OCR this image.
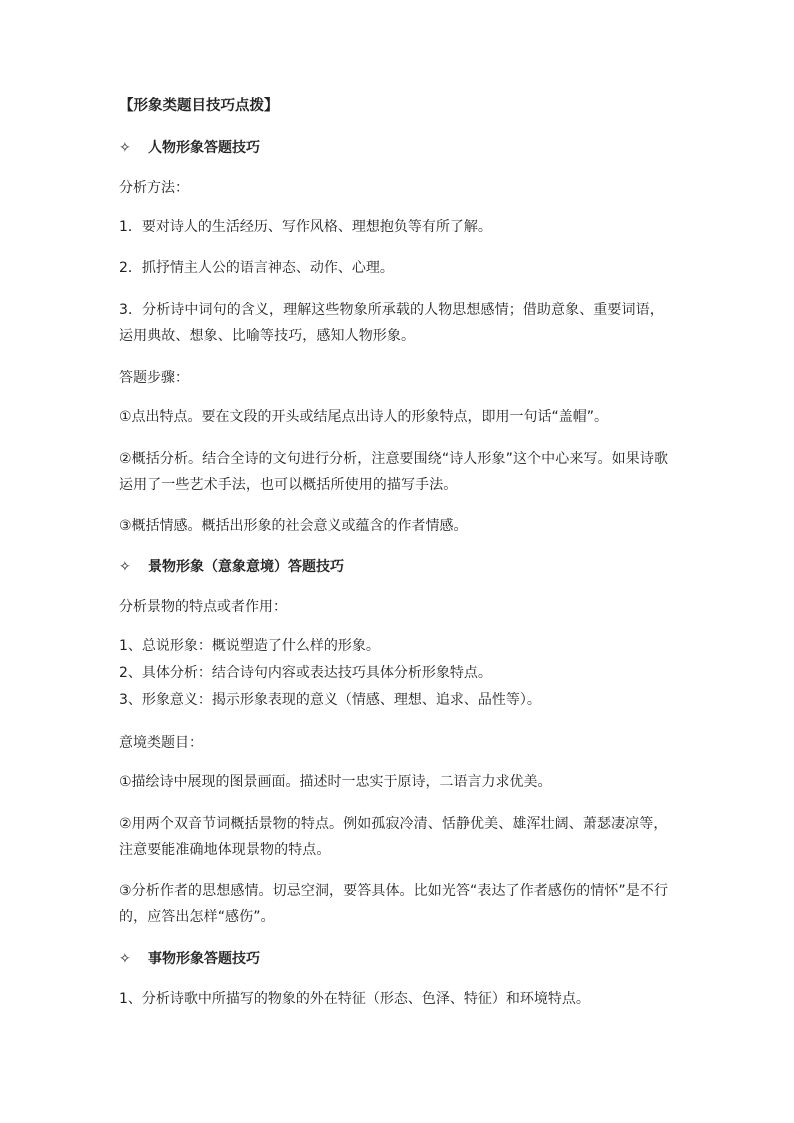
【形象类题目技巧点拨】
✧ 人物形象答题技巧
分析方法：
1．要对诗人的生活经历、写作风格、理想抱负等有所了解。
2．抓抒情主人公的语言神态、动作、心理。
3．分析诗中词句的含义，理解这些物象所承载的人物思想感情；借助意象、重要词语，运用典故、想象、比喻等技巧，感知人物形象。
答题步骤：
①点出特点。要在文段的开头或结尾点出诗人的形象特点，即用一句话“盖帽”。
②概括分析。结合全诗的文句进行分析，注意要围绕“诗人形象”这个中心来写。如果诗歌运用了一些艺术手法，也可以概括所使用的描写手法。
③概括情感。概括出形象的社会意义或蕴含的作者情感。
✧ 景物形象（意象意境）答题技巧
分析景物的特点或者作用：
1、总说形象：概说塑造了什么样的形象。
2、具体分析：结合诗句内容或表达技巧具体分析形象特点。
3、形象意义：揭示形象表现的意义（情感、理想、追求、品性等）。
意境类题目：
①描绘诗中展现的图景画面。描述时一忠实于原诗，二语言力求优美。
②用两个双音节词概括景物的特点。例如孤寂冷清、恬静优美、雄浑壮阔、萧瑟凄凉等，注意要能准确地体现景物的特点。
③分析作者的思想感情。切忌空洞，要答具体。比如光答“表达了作者感伤的情怀”是不行的，应答出怎样“感伤”。
✧ 事物形象答题技巧
1、分析诗歌中所描写的物象的外在特征（形态、色泽、特征）和环境特点。
